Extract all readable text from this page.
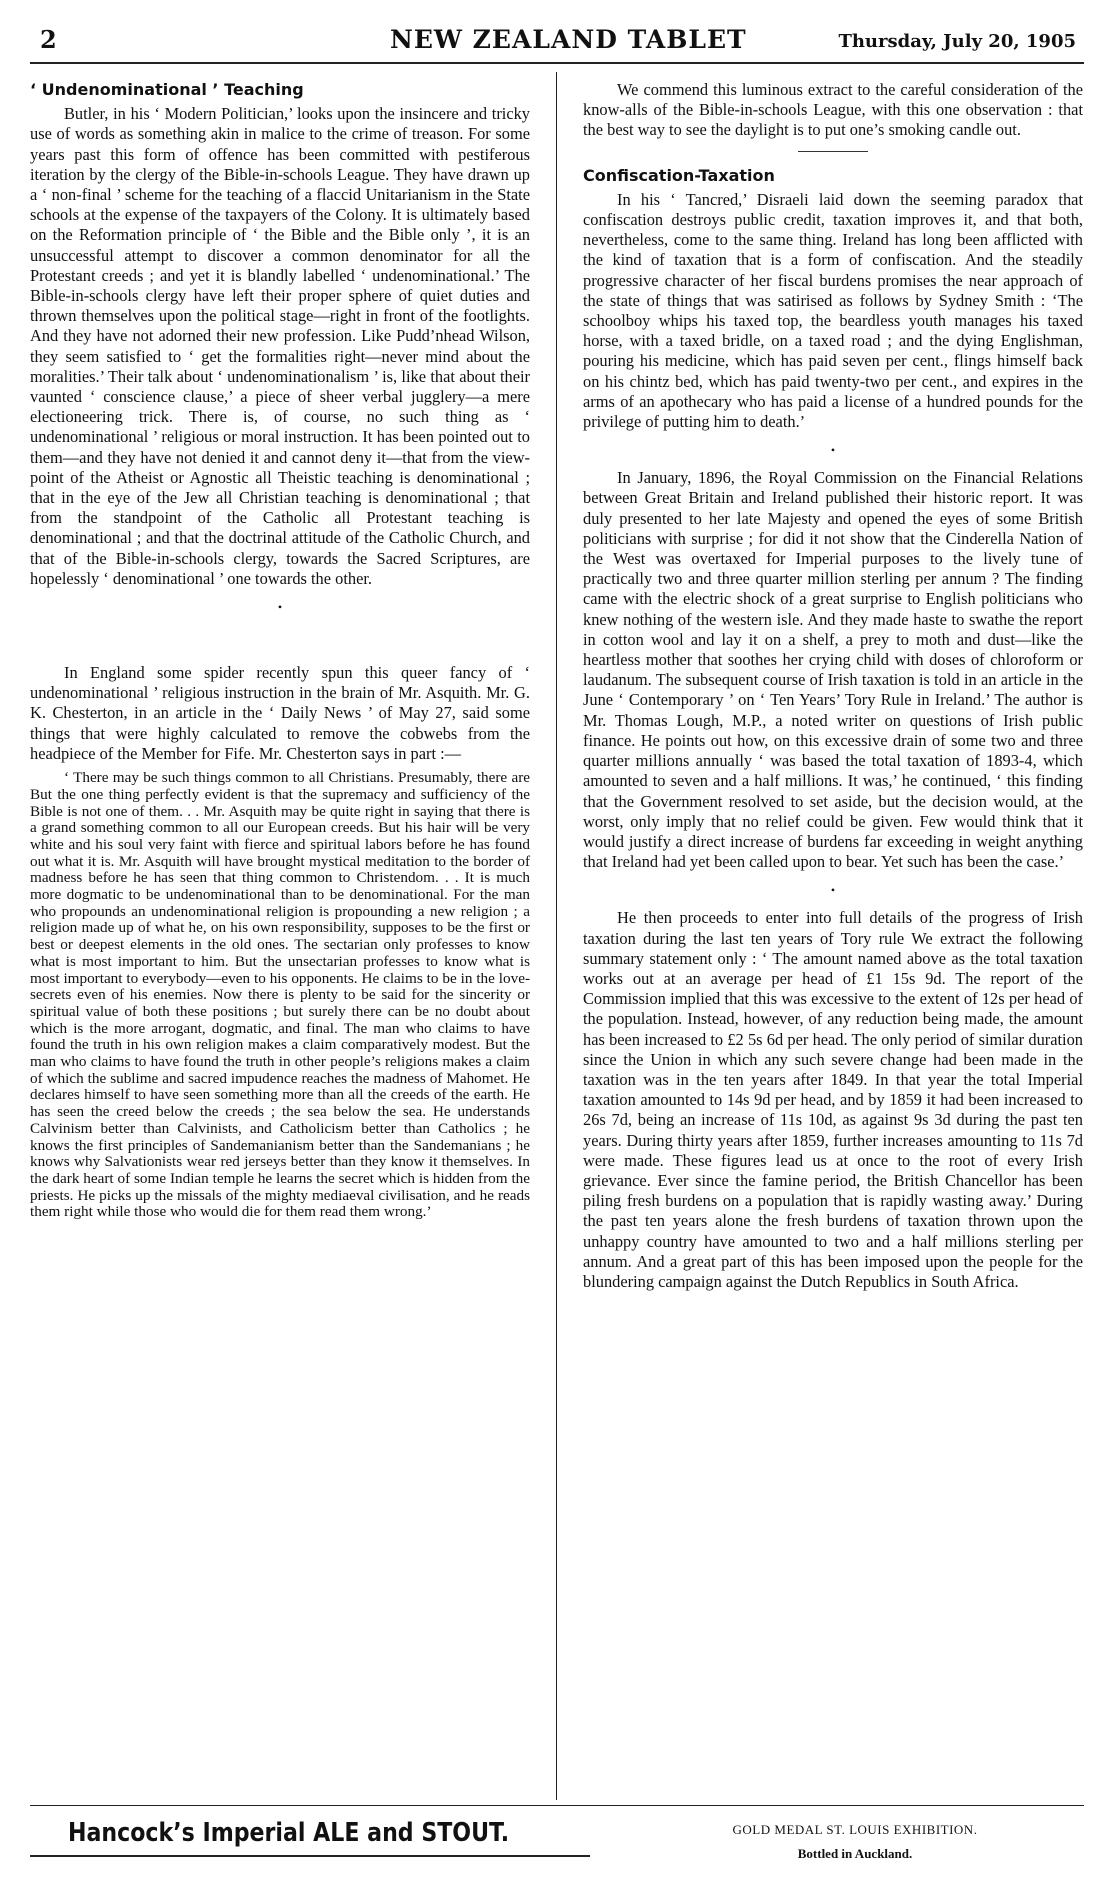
2	NEW ZEALAND TABLET	Thursday, July 20, 1905
‘ Undenominational ’ Teaching

Butler, in his ‘ Modern Politician,’ looks upon the insincere and tricky use of words as something akin in malice to the crime of treason. For some years past this form of offence has been committed with pestiferous iteration by the clergy of the Bible-in-schools League. They have drawn up a ‘ non-final ’ scheme for the teaching of a flaccid Unitarianism in the State schools at the expense of the taxpayers of the Colony. It is ultimately based on the Reformation principle of ‘ the Bible and the Bible only ’, it is an unsuccessful attempt to discover a common denominator for all the Protestant creeds ; and yet it is blandly labelled ‘ undenominational.’ The Bible-in-schools clergy have left their proper sphere of quiet duties and thrown themselves upon the political stage—right in front of the footlights. And they have not adorned their new profession. Like Pudd’nhead Wilson, they seem satisfied to ‘ get the formalities right—never mind about the moralities.’ Their talk about ‘ undenominationalism ’ is, like that about their vaunted ‘ conscience clause,’ a piece of sheer verbal jugglery—a mere electioneering trick. There is, of course, no such thing as ‘ undenominational ’ religious or moral instruction. It has been pointed out to them—and they have not denied it and cannot deny it—that from the view-point of the Atheist or Agnostic all Theistic teaching is denominational ; that in the eye of the Jew all Christian teaching is denominational ; that from the standpoint of the Catholic all Protestant teaching is denominational ; and that the doctrinal attitude of the Catholic Church, and that of the Bible-in-schools clergy, towards the Sacred Scriptures, are hopelessly ‘ denominational ’ one towards the other.

•

In England some spider recently spun this queer fancy of ‘ undenominational ’ religious instruction in the brain of Mr. Asquith. Mr. G. K. Chesterton, in an article in the ‘ Daily News ’ of May 27, said some things that were highly calculated to remove the cobwebs from the headpiece of the Member for Fife. Mr. Chesterton says in part :—

‘ There may be such things common to all Christians. Presumably, there are But the one thing perfectly evident is that the supremacy and sufficiency of the Bible is not one of them. . . Mr. Asquith may be quite right in saying that there is a grand something common to all our European creeds. But his hair will be very white and his soul very faint with fierce and spiritual labors before he has found out what it is. Mr. Asquith will have brought mystical meditation to the border of madness before he has seen that thing common to Christendom. . . It is much more dogmatic to be undenominational than to be denominational. For the man who propounds an undenominational religion is propounding a new religion ; a religion made up of what he, on his own responsibility, supposes to be the first or best or deepest elements in the old ones. The sectarian only professes to know what is most important to him. But the unsectarian professes to know what is most important to everybody—even to his opponents. He claims to be in the love-secrets even of his enemies. Now there is plenty to be said for the sincerity or spiritual value of both these positions ; but surely there can be no doubt about which is the more arrogant, dogmatic, and final. The man who claims to have found the truth in his own religion makes a claim comparatively modest. But the man who claims to have found the truth in other people’s religions makes a claim of which the sublime and sacred impudence reaches the madness of Mahomet. He declares himself to have seen something more than all the creeds of the earth. He has seen the creed below the creeds ; the sea below the sea. He understands Calvinism better than Calvinists, and Catholicism better than Catholics ; he knows the first principles of Sandemanianism better than the Sandemanians ; he knows why Salvationists wear red jerseys better than they know it themselves. In the dark heart of some Indian temple he learns the secret which is hidden from the priests. He picks up the missals of the mighty mediaeval civilisation, and he reads them right while those who would die for them read them wrong.’

We commend this luminous extract to the careful consideration of the know-alls of the Bible-in-schools League, with this one observation : that the best way to see the daylight is to put one’s smoking candle out.

Confiscation-Taxation

In his ‘ Tancred,’ Disraeli laid down the seeming paradox that confiscation destroys public credit, taxation improves it, and that both, nevertheless, come to the same thing. Ireland has long been afflicted with the kind of taxation that is a form of confiscation. And the steadily progressive character of her fiscal burdens promises the near approach of the state of things that was satirised as follows by Sydney Smith : ‘The schoolboy whips his taxed top, the beardless youth manages his taxed horse, with a taxed bridle, on a taxed road ; and the dying Englishman, pouring his medicine, which has paid seven per cent., flings himself back on his chintz bed, which has paid twenty-two per cent., and expires in the arms of an apothecary who has paid a license of a hundred pounds for the privilege of putting him to death.’

•

In January, 1896, the Royal Commission on the Financial Relations between Great Britain and Ireland published their historic report. It was duly presented to her late Majesty and opened the eyes of some British politicians with surprise ; for did it not show that the Cinderella Nation of the West was overtaxed for Imperial purposes to the lively tune of practically two and three quarter million sterling per annum ? The finding came with the electric shock of a great surprise to English politicians who knew nothing of the western isle. And they made haste to swathe the report in cotton wool and lay it on a shelf, a prey to moth and dust—like the heartless mother that soothes her crying child with doses of chloroform or laudanum. The subsequent course of Irish taxation is told in an article in the June ‘ Contemporary ’ on ‘ Ten Years’ Tory Rule in Ireland.’ The author is Mr. Thomas Lough, M.P., a noted writer on questions of Irish public finance. He points out how, on this excessive drain of some two and three quarter millions annually ‘ was based the total taxation of 1893-4, which amounted to seven and a half millions. It was,’ he continued, ‘ this finding that the Government resolved to set aside, but the decision would, at the worst, only imply that no relief could be given. Few would think that it would justify a direct increase of burdens far exceeding in weight anything that Ireland had yet been called upon to bear. Yet such has been the case.’

•

He then proceeds to enter into full details of the progress of Irish taxation during the last ten years of Tory rule We extract the following summary statement only : ‘ The amount named above as the total taxation works out at an average per head of £1 15s 9d. The report of the Commission implied that this was excessive to the extent of 12s per head of the population. Instead, however, of any reduction being made, the amount has been increased to £2 5s 6d per head. The only period of similar duration since the Union in which any such severe change had been made in the taxation was in the ten years after 1849. In that year the total Imperial taxation amounted to 14s 9d per head, and by 1859 it had been increased to 26s 7d, being an increase of 11s 10d, as against 9s 3d during the past ten years. During thirty years after 1859, further increases amounting to 11s 7d were made. These figures lead us at once to the root of every Irish grievance. Ever since the famine period, the British Chancellor has been piling fresh burdens on a population that is rapidly wasting away.’ During the past ten years alone the fresh burdens of taxation thrown upon the unhappy country have amounted to two and a half millions sterling per annum. And a great part of this has been imposed upon the people for the blundering campaign against the Dutch Republics in South Africa.

Hancock’s Imperial ALE and STOUT.	GOLD MEDAL ST. LOUIS EXHIBITION.
Bottled in Auckland.
